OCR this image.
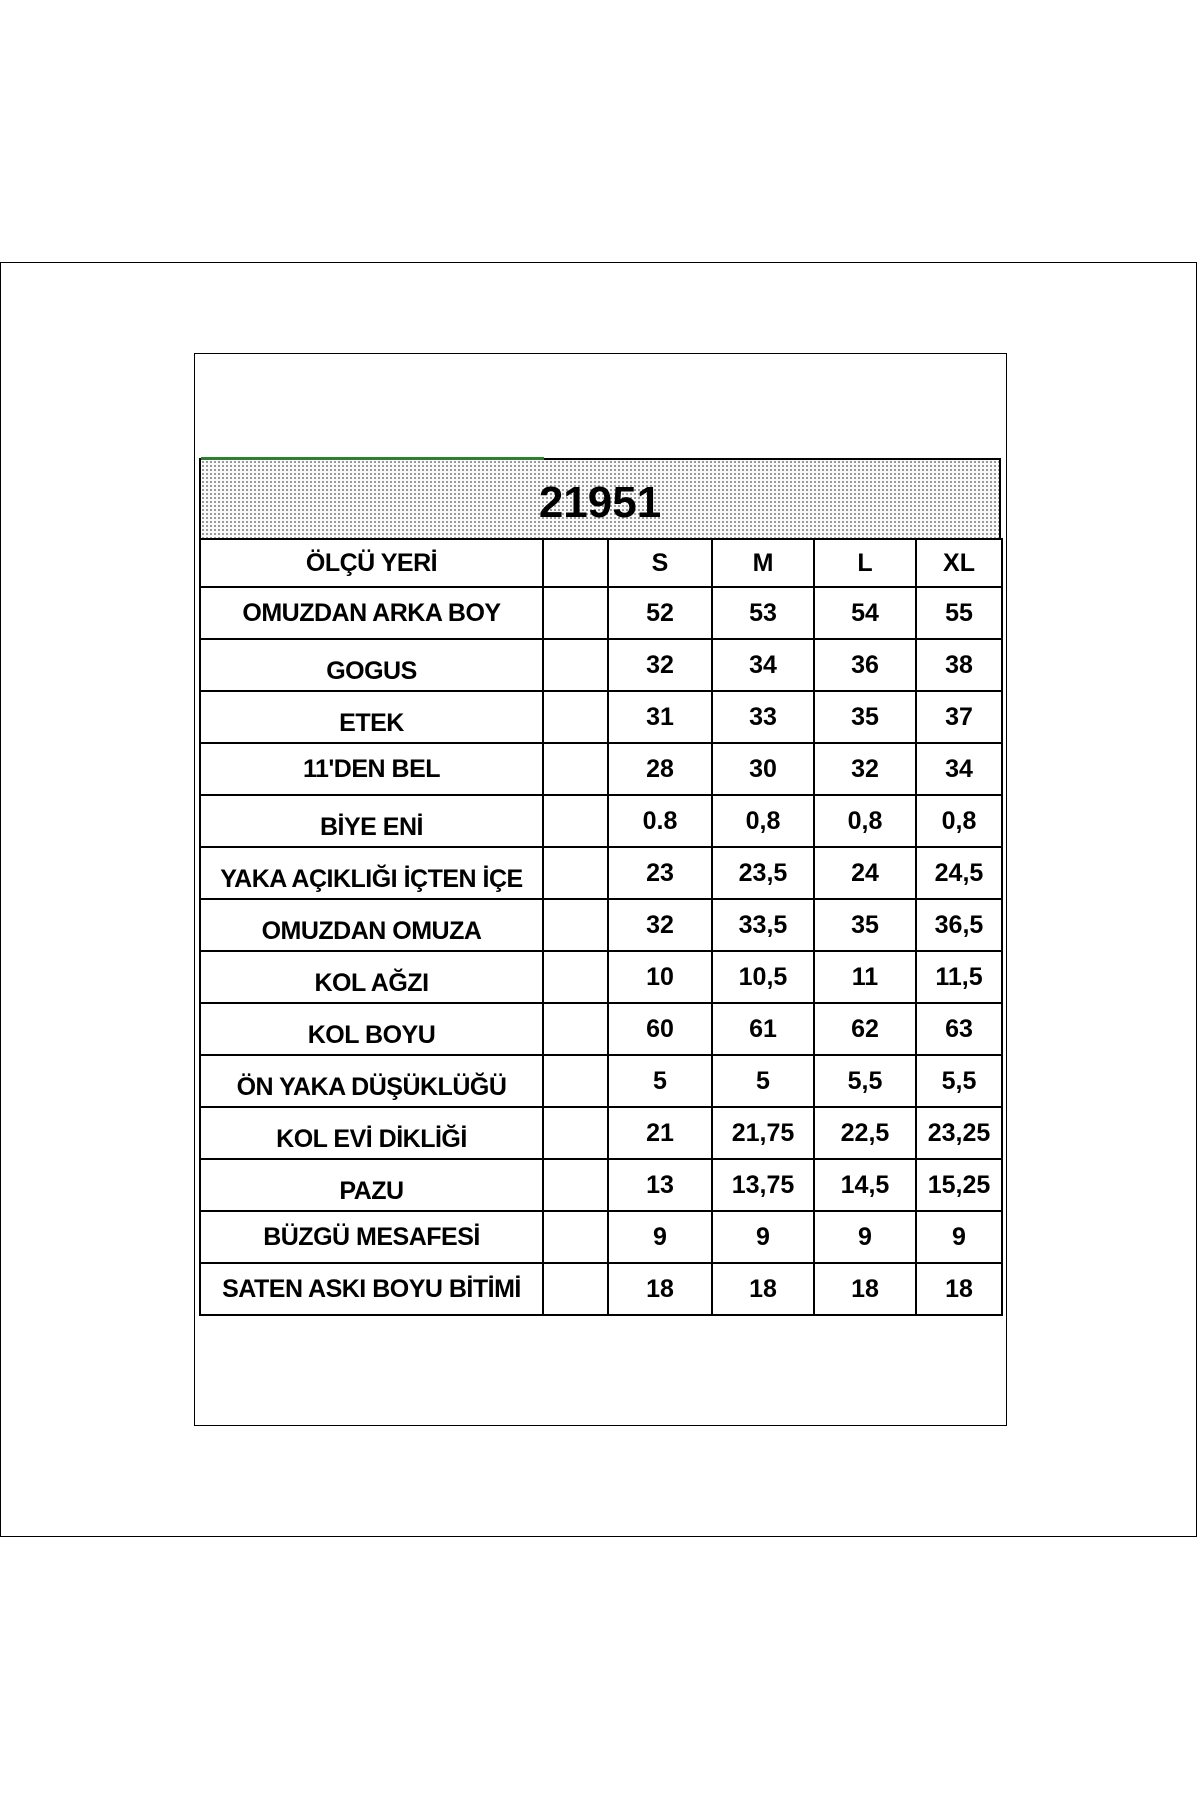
21951
ÖLÇÜ YERİ		S	M	L	XL
OMUZDAN ARKA BOY		52	53	54	55
GOGUS		32	34	36	38
ETEK		31	33	35	37
11'DEN BEL		28	30	32	34
BİYE ENİ		0.8	0,8	0,8	0,8
YAKA AÇIKLIĞI İÇTEN İÇE		23	23,5	24	24,5
OMUZDAN OMUZA		32	33,5	35	36,5
KOL AĞZI		10	10,5	11	11,5
KOL BOYU		60	61	62	63
ÖN YAKA DÜŞÜKLÜĞÜ		5	5	5,5	5,5
KOL EVİ DİKLİĞİ		21	21,75	22,5	23,25
PAZU		13	13,75	14,5	15,25
BÜZGÜ MESAFESİ		9	9	9	9
SATEN ASKI BOYU BİTİMİ		18	18	18	18
